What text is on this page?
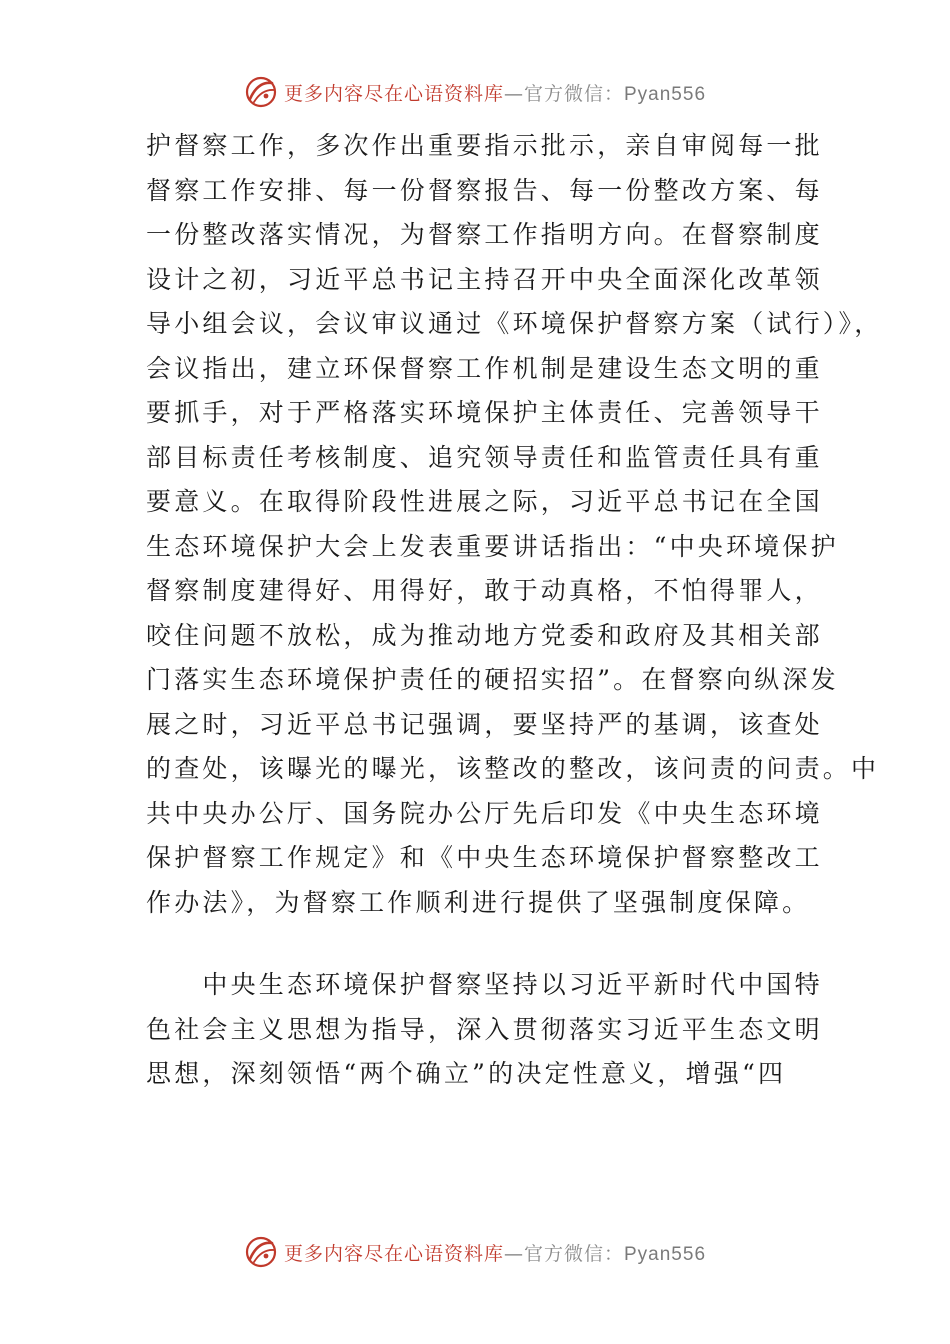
更多内容尽在心语资料库—官方微信：Pyan556

护督察工作，多次作出重要指示批示，亲自审阅每一批
督察工作安排、每一份督察报告、每一份整改方案、每
一份整改落实情况，为督察工作指明方向。在督察制度
设计之初，习近平总书记主持召开中央全面深化改革领
导小组会议，会议审议通过《环境保护督察方案（试行）》，
会议指出，建立环保督察工作机制是建设生态文明的重
要抓手，对于严格落实环境保护主体责任、完善领导干
部目标责任考核制度、追究领导责任和监管责任具有重
要意义。在取得阶段性进展之际，习近平总书记在全国
生态环境保护大会上发表重要讲话指出：“中央环境保护
督察制度建得好、用得好，敢于动真格，不怕得罪人，
咬住问题不放松，成为推动地方党委和政府及其相关部
门落实生态环境保护责任的硬招实招”。在督察向纵深发
展之时，习近平总书记强调，要坚持严的基调，该查处
的查处，该曝光的曝光，该整改的整改，该问责的问责。中
共中央办公厅、国务院办公厅先后印发《中央生态环境
保护督察工作规定》和《中央生态环境保护督察整改工
作办法》，为督察工作顺利进行提供了坚强制度保障。

　　中央生态环境保护督察坚持以习近平新时代中国特
色社会主义思想为指导，深入贯彻落实习近平生态文明
思想，深刻领悟“两个确立”的决定性意义，增强“四

更多内容尽在心语资料库—官方微信：Pyan556
